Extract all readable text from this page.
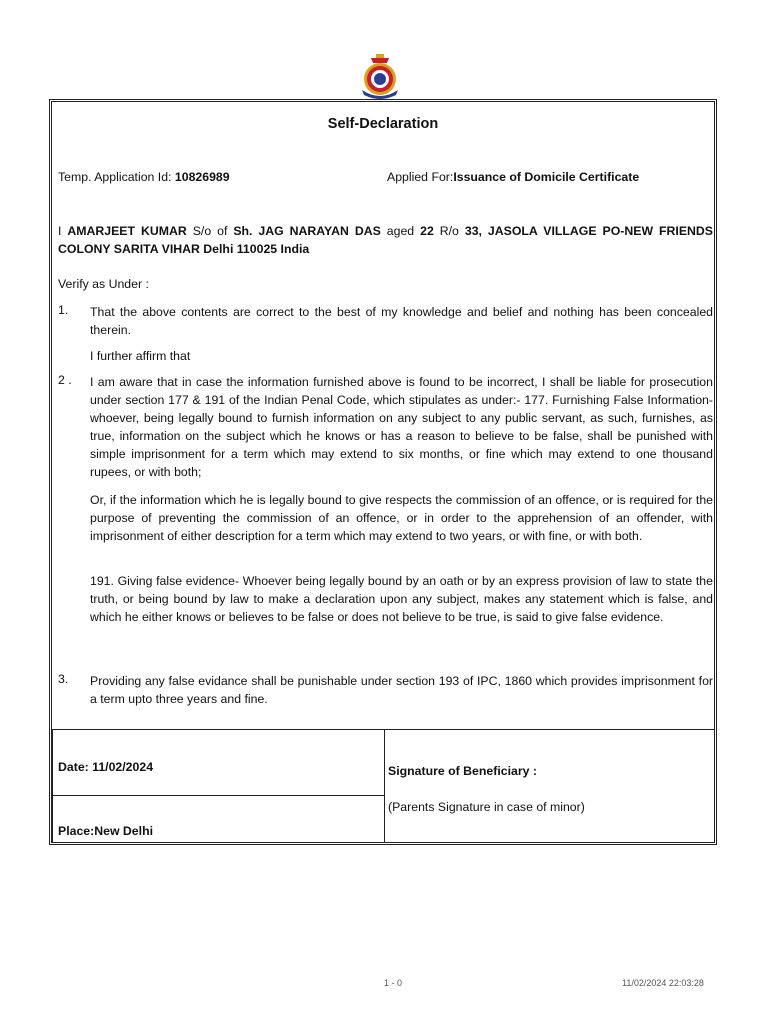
Self-Declaration
Temp. Application Id: 10826989	Applied For:Issuance of Domicile Certificate
I AMARJEET KUMAR S/o of Sh. JAG NARAYAN DAS aged 22 R/o 33, JASOLA VILLAGE PO-NEW FRIENDS COLONY SARITA VIHAR Delhi 110025 India
Verify as Under :
1. That the above contents are correct to the best of my knowledge and belief and nothing has been concealed therein.
I further affirm that
2 . I am aware that in case the information furnished above is found to be incorrect, I shall be liable for prosecution under section 177 & 191 of the Indian Penal Code, which stipulates as under:- 177. Furnishing False Information- whoever, being legally bound to furnish information on any subject to any public servant, as such, furnishes, as true, information on the subject which he knows or has a reason to believe to be false, shall be punished with simple imprisonment for a term which may extend to six months, or fine which may extend to one thousand rupees, or with both;
Or, if the information which he is legally bound to give respects the commission of an offence, or is required for the purpose of preventing the commission of an offence, or in order to the apprehension of an offender, with imprisonment of either description for a term which may extend to two years, or with fine, or with both.
191. Giving false evidence- Whoever being legally bound by an oath or by an express provision of law to state the truth, or being bound by law to make a declaration upon any subject, makes any statement which is false, and which he either knows or believes to be false or does not believe to be true, is said to give false evidence.
3. Providing any false evidance shall be punishable under section 193 of IPC, 1860 which provides imprisonment for a term upto three years and fine.
Date: 11/02/2024
Place:New Delhi
Signature of Beneficiary :
(Parents Signature in case of minor)
1 - 0	11/02/2024 22:03:28
